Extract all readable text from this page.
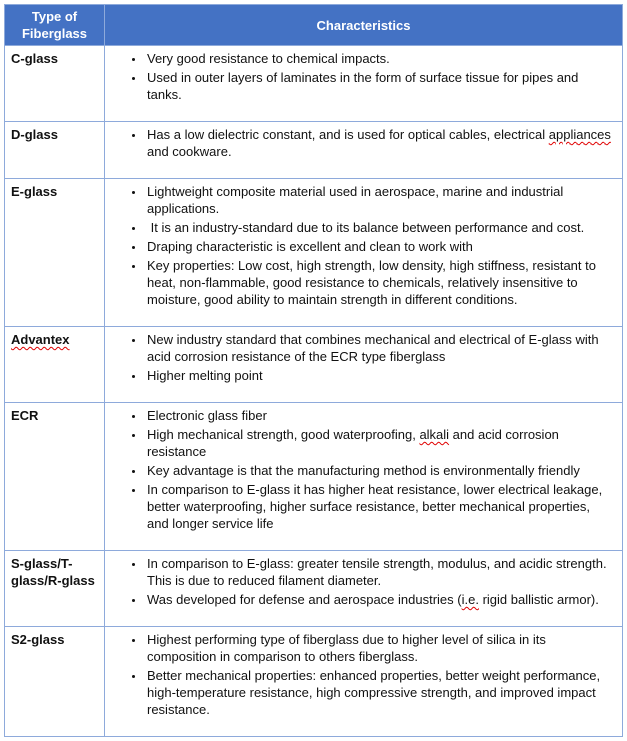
Type of Fiberglass	Characteristics
C-glass	
•Very good resistance to chemical impacts.
• Used in outer layers of laminates in the form of surface tissue for pipes and tanks.

D-glass	
•Has a low dielectric constant, and is used for optical cables, electrical appliances and cookware.

E-glass	
•Lightweight composite material used in aerospace, marine and industrial applications.
•  It is an industry-standard due to its balance between performance and cost.
• Draping characteristic is excellent and clean to work with
• Key properties: Low cost, high strength, low density, high stiffness, resistant to heat, non-flammable, good resistance to chemicals, relatively insensitive to moisture, good ability to maintain strength in different conditions.

Advantex	
•New industry standard that combines mechanical and electrical of E-glass with acid corrosion resistance of the ECR type fiberglass
• Higher melting point

ECR	
•Electronic glass fiber
• High mechanical strength, good waterproofing, alkali and acid corrosion resistance
• Key advantage is that the manufacturing method is environmentally friendly
• In comparison to E-glass it has higher heat resistance, lower electrical leakage, better waterproofing, higher surface resistance, better mechanical properties, and longer service life

S-glass/T-glass/R-glass	
• In comparison to E-glass: greater tensile strength, modulus, and acidic strength. This is due to reduced filament diameter.
• Was developed for defense and aerospace industries (i.e. rigid ballistic armor).

S2-glass	
•Highest performing type of fiberglass due to higher level of silica in its composition in comparison to others fiberglass.
• Better mechanical properties: enhanced properties, better weight performance, high-temperature resistance, high compressive strength, and improved impact resistance.
